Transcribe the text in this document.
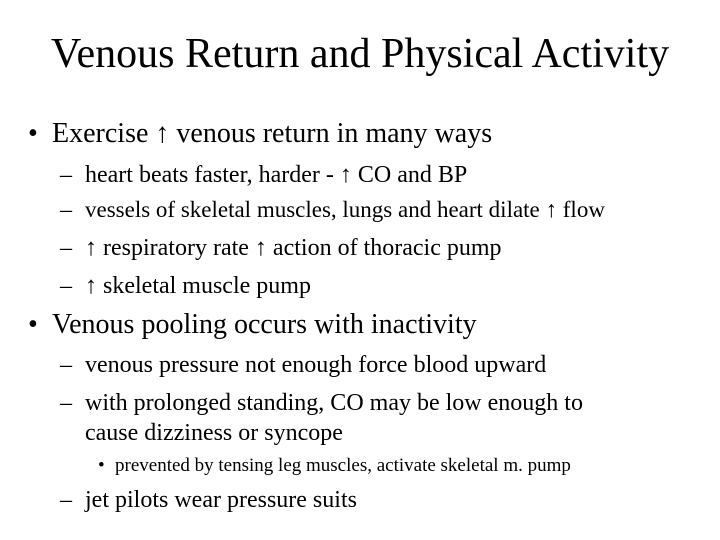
Venous Return and Physical Activity
• Exercise ↑ venous return in many ways
– heart beats faster, harder - ↑ CO and BP
– vessels of skeletal muscles, lungs and heart dilate ↑ flow
– ↑ respiratory rate ↑ action of thoracic pump
– ↑ skeletal muscle pump
• Venous pooling occurs with inactivity
– venous pressure not enough force blood upward
– with prolonged standing, CO may be low enough to
cause dizziness or syncope
• prevented by tensing leg muscles, activate skeletal m. pump
– jet pilots wear pressure suits
